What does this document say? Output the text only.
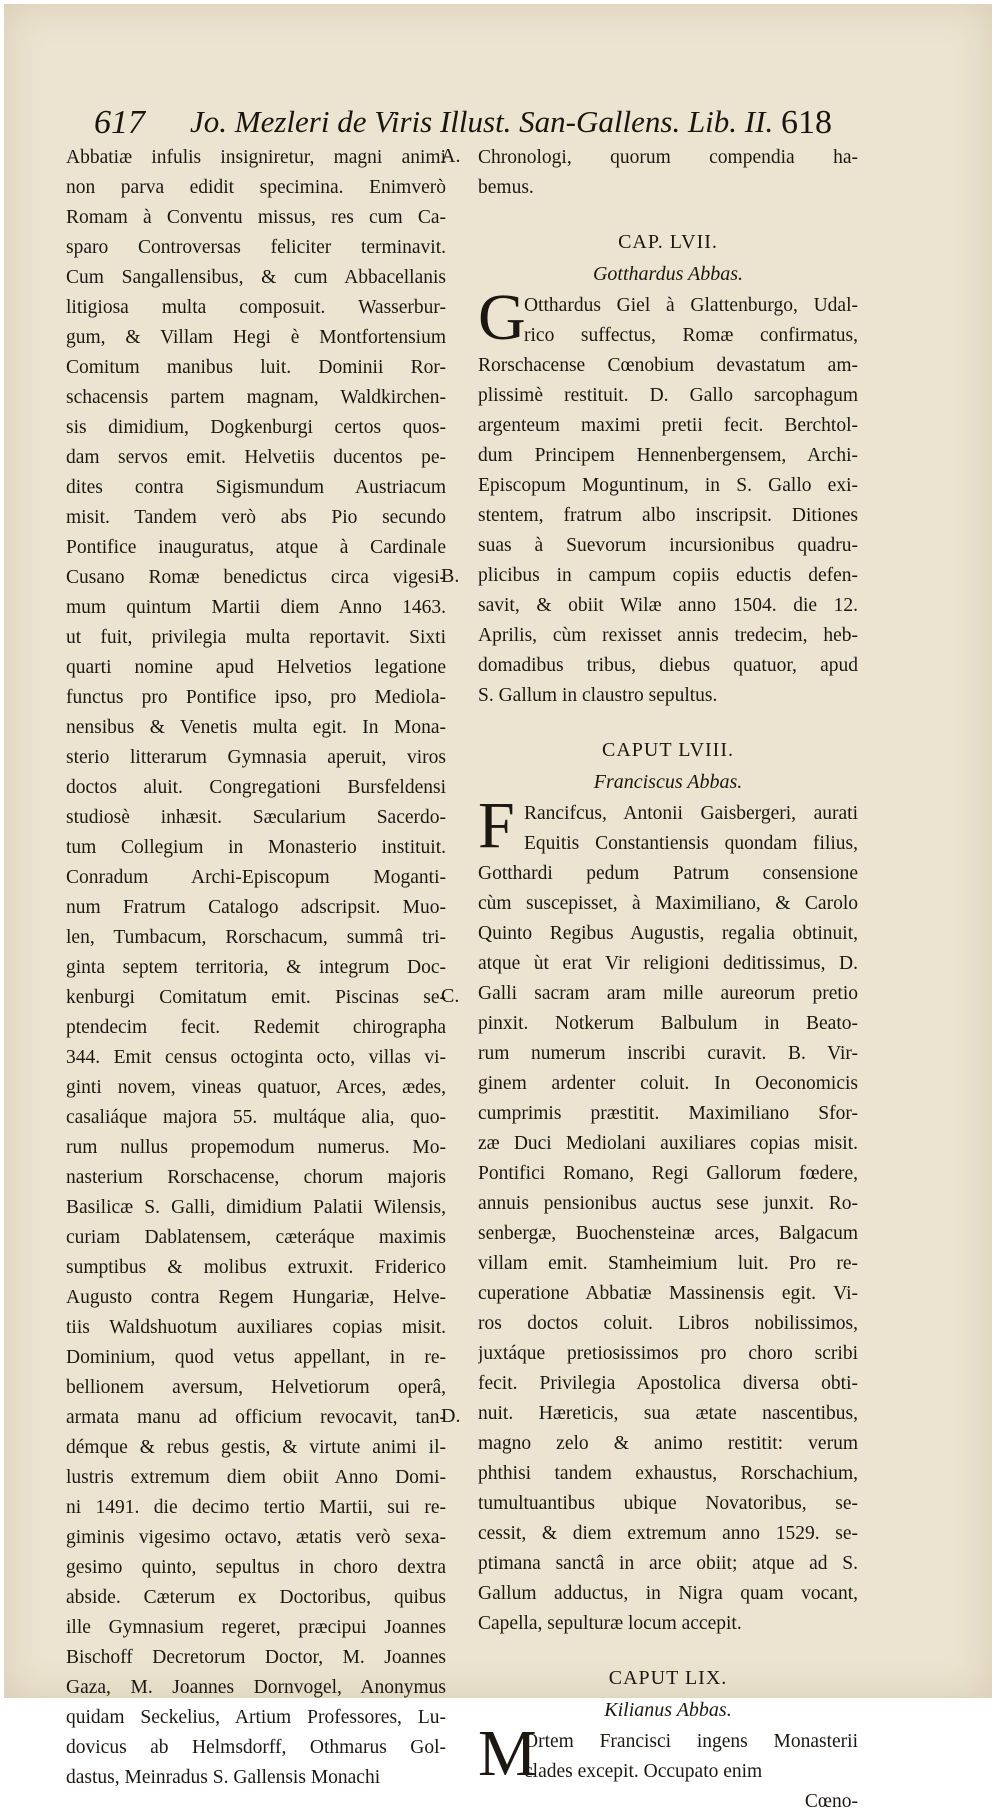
617 Jo. Mezleri de Viris Illust. San-Gallens. Lib. II. 618
Abbatiæ infulis insigniretur, magni animi
non parva edidit specimina. Enimverò
Romam à Conventu missus, res cum Ca-
sparo Controversas feliciter terminavit.
Cum Sangallensibus, & cum Abbacellanis
litigiosa multa composuit. Wasserbur-
gum, & Villam Hegi è Montfortensium
Comitum manibus luit. Dominii Ror-
schacensis partem magnam, Waldkirchen-
sis dimidium, Dogkenburgi certos quos-
dam servos emit. Helvetiis ducentos pe-
dites contra Sigismundum Austriacum
misit. Tandem verò abs Pio secundo
Pontifice inauguratus, atque à Cardinale
Cusano Romæ benedictus circa vigesi-
mum quintum Martii diem Anno 1463.
ut fuit, privilegia multa reportavit. Sixti
quarti nomine apud Helvetios legatione
functus pro Pontifice ipso, pro Mediola-
nensibus & Venetis multa egit. In Mona-
sterio litterarum Gymnasia aperuit, viros
doctos aluit. Congregationi Bursfeldensi
studiosè inhæsit. Sæcularium Sacerdo-
tum Collegium in Monasterio instituit.
Conradum Archi-Episcopum Moganti-
num Fratrum Catalogo adscripsit. Muo-
len, Tumbacum, Rorschacum, summâ tri-
ginta septem territoria, & integrum Doc-
kenburgi Comitatum emit. Piscinas se-
ptendecim fecit. Redemit chirographa
344. Emit census octoginta octo, villas vi-
ginti novem, vineas quatuor, Arces, ædes,
casaliáque majora 55. multáque alia, quo-
rum nullus propemodum numerus. Mo-
nasterium Rorschacense, chorum majoris
Basilicæ S. Galli, dimidium Palatii Wilensis,
curiam Dablatensem, cæteráque maximis
sumptibus & molibus extruxit. Friderico
Augusto contra Regem Hungariæ, Helve-
tiis Waldshuotum auxiliares copias misit.
Dominium, quod vetus appellant, in re-
bellionem aversum, Helvetiorum operâ,
armata manu ad officium revocavit, tan-
démque & rebus gestis, & virtute animi il-
lustris extremum diem obiit Anno Domi-
ni 1491. die decimo tertio Martii, sui re-
giminis vigesimo octavo, ætatis verò sexa-
gesimo quinto, sepultus in choro dextra
abside. Cæterum ex Doctoribus, quibus
ille Gymnasium regeret, præcipui Joannes
Bischoff Decretorum Doctor, M. Joannes
Gaza, M. Joannes Dornvogel, Anonymus
quidam Seckelius, Artium Professores, Lu-
dovicus ab Helmsdorff, Othmarus Gol-
dastus, Meinradus S. Gallensis Monachi
A.
B.
C.
D.
Chronologi, quorum compendia ha-
bemus.
CAP. LVII.
Gotthardus Abbas.
G
Otthardus Giel à Glattenburgo, Udal-
rico suffectus, Romæ confirmatus,
Rorschacense Cœnobium devastatum am-
plissimè restituit. D. Gallo sarcophagum
argenteum maximi pretii fecit. Berchtol-
dum Principem Hennenbergensem, Archi-
Episcopum Moguntinum, in S. Gallo exi-
stentem, fratrum albo inscripsit. Ditiones
suas à Suevorum incursionibus quadru-
plicibus in campum copiis eductis defen-
savit, & obiit Wilæ anno 1504. die 12.
Aprilis, cùm rexisset annis tredecim, heb-
domadibus tribus, diebus quatuor, apud
S. Gallum in claustro sepultus.
CAPUT LVIII.
Franciscus Abbas.
F Rancifcus, Antonii Gaisbergeri, aurati
Equitis Constantiensis quondam filius,
Gotthardi pedum Patrum consensione
cùm suscepisset, à Maximiliano, & Carolo
Quinto Regibus Augustis, regalia obtinuit,
atque ùt erat Vir religioni deditissimus, D.
Galli sacram aram mille aureorum pretio
pinxit. Notkerum Balbulum in Beato-
rum numerum inscribi curavit. B. Vir-
ginem ardenter coluit. In Oeconomicis
cumprimis præstitit. Maximiliano Sfor-
zæ Duci Mediolani auxiliares copias misit.
Pontifici Romano, Regi Gallorum fœdere,
annuis pensionibus auctus sese junxit. Ro-
senbergæ, Buochensteinæ arces, Balgacum
villam emit. Stamheimium luit. Pro re-
cuperatione Abbatiæ Massinensis egit. Vi-
ros doctos coluit. Libros nobilissimos,
juxtáque pretiosissimos pro choro scribi
fecit. Privilegia Apostolica diversa obti-
nuit. Hæreticis, sua ætate nascentibus,
magno zelo & animo restitit: verum
phthisi tandem exhaustus, Rorschachium,
tumultuantibus ubique Novatoribus, se-
cessit, & diem extremum anno 1529. se-
ptimana sanctâ in arce obiit; atque ad S.
Gallum adductus, in Nigra quam vocant,
Capella, sepulturæ locum accepit.
CAPUT LIX.
Kilianus Abbas.
M
Ortem Francisci ingens Monasterii
clades excepit. Occupato enim
Cœno-
